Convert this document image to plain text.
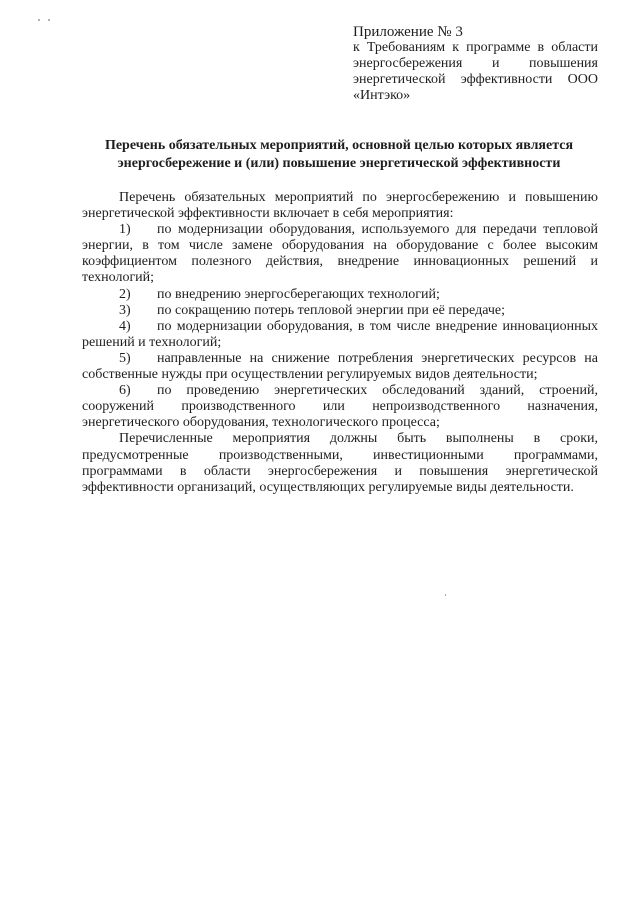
Приложение № 3
к Требованиям к программе в области энергосбережения и повышения энергетической эффективности ООО «Интэко»
Перечень обязательных мероприятий, основной целью которых является энергосбережение и (или) повышение энергетической эффективности

Перечень обязательных мероприятий по энергосбережению и повышению энергетической эффективности включает в себя мероприятия:

1) по модернизации оборудования, используемого для передачи тепловой энергии, в том числе замене оборудования на оборудование с более высоким коэффициентом полезного действия, внедрение инновационных решений и технологий;

2) по внедрению энергосберегающих технологий;

3) по сокращению потерь тепловой энергии при её передаче;

4) по модернизации оборудования, в том числе внедрение инновационных решений и технологий;

5) направленные на снижение потребления энергетических ресурсов на собственные нужды при осуществлении регулируемых видов деятельности;

6) по проведению энергетических обследований зданий, строений, сооружений производственного или непроизводственного назначения, энергетического оборудования, технологического процесса;

Перечисленные мероприятия должны быть выполнены в сроки, предусмотренные производственными, инвестиционными программами, программами в области энергосбережения и повышения энергетической эффективности организаций, осуществляющих регулируемые виды деятельности.
